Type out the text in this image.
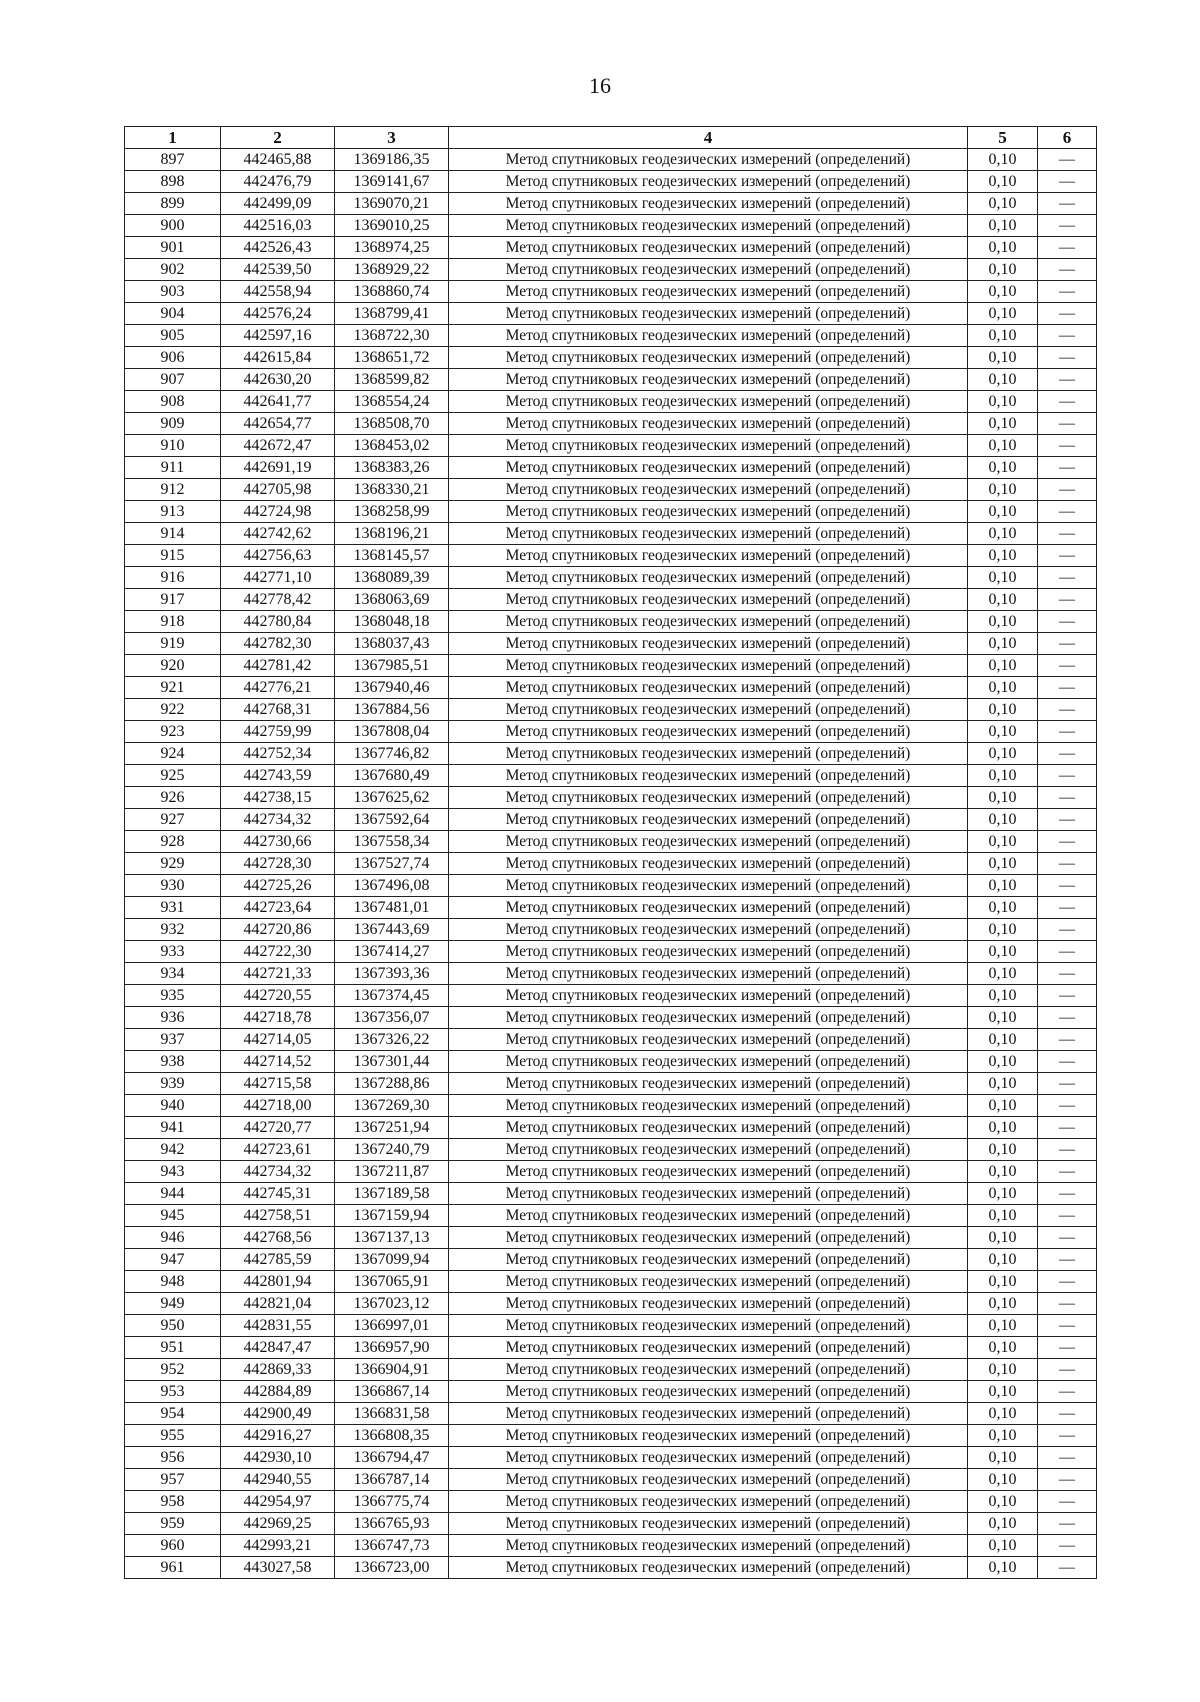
16
1	2	3	4	5	6
897	442465,88	1369186,35	Метод спутниковых геодезических измерений (определений)	0,10	—
898	442476,79	1369141,67	Метод спутниковых геодезических измерений (определений)	0,10	—
899	442499,09	1369070,21	Метод спутниковых геодезических измерений (определений)	0,10	—
900	442516,03	1369010,25	Метод спутниковых геодезических измерений (определений)	0,10	—
901	442526,43	1368974,25	Метод спутниковых геодезических измерений (определений)	0,10	—
902	442539,50	1368929,22	Метод спутниковых геодезических измерений (определений)	0,10	—
903	442558,94	1368860,74	Метод спутниковых геодезических измерений (определений)	0,10	—
904	442576,24	1368799,41	Метод спутниковых геодезических измерений (определений)	0,10	—
905	442597,16	1368722,30	Метод спутниковых геодезических измерений (определений)	0,10	—
906	442615,84	1368651,72	Метод спутниковых геодезических измерений (определений)	0,10	—
907	442630,20	1368599,82	Метод спутниковых геодезических измерений (определений)	0,10	—
908	442641,77	1368554,24	Метод спутниковых геодезических измерений (определений)	0,10	—
909	442654,77	1368508,70	Метод спутниковых геодезических измерений (определений)	0,10	—
910	442672,47	1368453,02	Метод спутниковых геодезических измерений (определений)	0,10	—
911	442691,19	1368383,26	Метод спутниковых геодезических измерений (определений)	0,10	—
912	442705,98	1368330,21	Метод спутниковых геодезических измерений (определений)	0,10	—
913	442724,98	1368258,99	Метод спутниковых геодезических измерений (определений)	0,10	—
914	442742,62	1368196,21	Метод спутниковых геодезических измерений (определений)	0,10	—
915	442756,63	1368145,57	Метод спутниковых геодезических измерений (определений)	0,10	—
916	442771,10	1368089,39	Метод спутниковых геодезических измерений (определений)	0,10	—
917	442778,42	1368063,69	Метод спутниковых геодезических измерений (определений)	0,10	—
918	442780,84	1368048,18	Метод спутниковых геодезических измерений (определений)	0,10	—
919	442782,30	1368037,43	Метод спутниковых геодезических измерений (определений)	0,10	—
920	442781,42	1367985,51	Метод спутниковых геодезических измерений (определений)	0,10	—
921	442776,21	1367940,46	Метод спутниковых геодезических измерений (определений)	0,10	—
922	442768,31	1367884,56	Метод спутниковых геодезических измерений (определений)	0,10	—
923	442759,99	1367808,04	Метод спутниковых геодезических измерений (определений)	0,10	—
924	442752,34	1367746,82	Метод спутниковых геодезических измерений (определений)	0,10	—
925	442743,59	1367680,49	Метод спутниковых геодезических измерений (определений)	0,10	—
926	442738,15	1367625,62	Метод спутниковых геодезических измерений (определений)	0,10	—
927	442734,32	1367592,64	Метод спутниковых геодезических измерений (определений)	0,10	—
928	442730,66	1367558,34	Метод спутниковых геодезических измерений (определений)	0,10	—
929	442728,30	1367527,74	Метод спутниковых геодезических измерений (определений)	0,10	—
930	442725,26	1367496,08	Метод спутниковых геодезических измерений (определений)	0,10	—
931	442723,64	1367481,01	Метод спутниковых геодезических измерений (определений)	0,10	—
932	442720,86	1367443,69	Метод спутниковых геодезических измерений (определений)	0,10	—
933	442722,30	1367414,27	Метод спутниковых геодезических измерений (определений)	0,10	—
934	442721,33	1367393,36	Метод спутниковых геодезических измерений (определений)	0,10	—
935	442720,55	1367374,45	Метод спутниковых геодезических измерений (определений)	0,10	—
936	442718,78	1367356,07	Метод спутниковых геодезических измерений (определений)	0,10	—
937	442714,05	1367326,22	Метод спутниковых геодезических измерений (определений)	0,10	—
938	442714,52	1367301,44	Метод спутниковых геодезических измерений (определений)	0,10	—
939	442715,58	1367288,86	Метод спутниковых геодезических измерений (определений)	0,10	—
940	442718,00	1367269,30	Метод спутниковых геодезических измерений (определений)	0,10	—
941	442720,77	1367251,94	Метод спутниковых геодезических измерений (определений)	0,10	—
942	442723,61	1367240,79	Метод спутниковых геодезических измерений (определений)	0,10	—
943	442734,32	1367211,87	Метод спутниковых геодезических измерений (определений)	0,10	—
944	442745,31	1367189,58	Метод спутниковых геодезических измерений (определений)	0,10	—
945	442758,51	1367159,94	Метод спутниковых геодезических измерений (определений)	0,10	—
946	442768,56	1367137,13	Метод спутниковых геодезических измерений (определений)	0,10	—
947	442785,59	1367099,94	Метод спутниковых геодезических измерений (определений)	0,10	—
948	442801,94	1367065,91	Метод спутниковых геодезических измерений (определений)	0,10	—
949	442821,04	1367023,12	Метод спутниковых геодезических измерений (определений)	0,10	—
950	442831,55	1366997,01	Метод спутниковых геодезических измерений (определений)	0,10	—
951	442847,47	1366957,90	Метод спутниковых геодезических измерений (определений)	0,10	—
952	442869,33	1366904,91	Метод спутниковых геодезических измерений (определений)	0,10	—
953	442884,89	1366867,14	Метод спутниковых геодезических измерений (определений)	0,10	—
954	442900,49	1366831,58	Метод спутниковых геодезических измерений (определений)	0,10	—
955	442916,27	1366808,35	Метод спутниковых геодезических измерений (определений)	0,10	—
956	442930,10	1366794,47	Метод спутниковых геодезических измерений (определений)	0,10	—
957	442940,55	1366787,14	Метод спутниковых геодезических измерений (определений)	0,10	—
958	442954,97	1366775,74	Метод спутниковых геодезических измерений (определений)	0,10	—
959	442969,25	1366765,93	Метод спутниковых геодезических измерений (определений)	0,10	—
960	442993,21	1366747,73	Метод спутниковых геодезических измерений (определений)	0,10	—
961	443027,58	1366723,00	Метод спутниковых геодезических измерений (определений)	0,10	—
